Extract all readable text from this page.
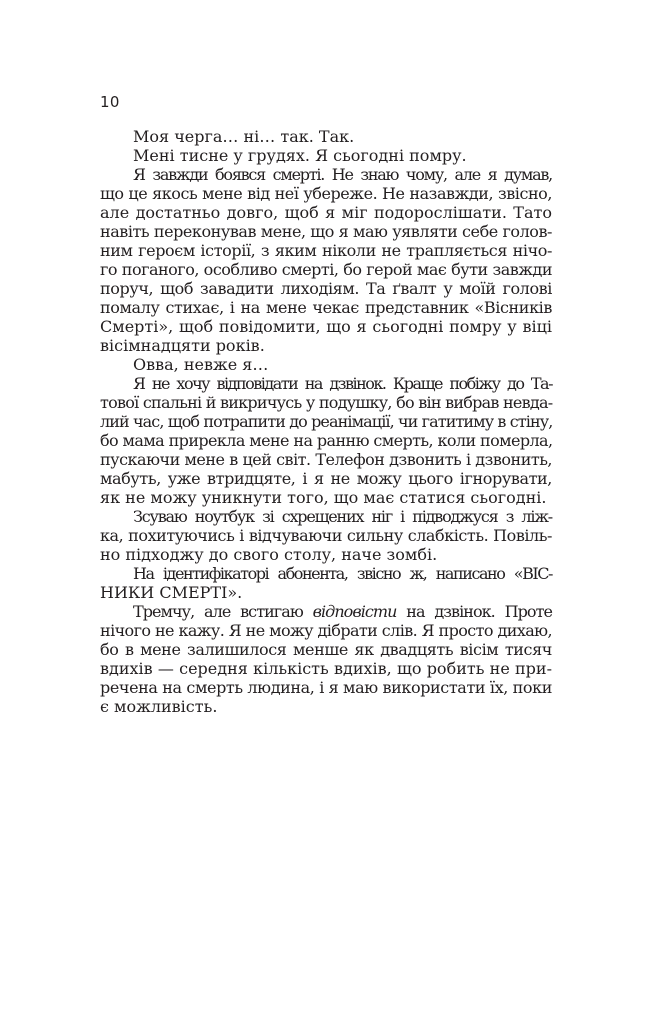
10
Моя черга… ні… так. Так.
Мені тисне у грудях. Я сьогодні помру.
Я завжди боявся смерті. Не знаю чому, але я думав,
що це якось мене від неї убереже. Не назавжди, звісно,
але достатньо довго, щоб я міг подорослішати. Тато
навіть переконував мене, що я маю уявляти себе голов-
ним героєм історії, з яким ніколи не трапляється нічо-
го поганого, особливо смерті, бо герой має бути завжди
поруч, щоб завадити лиходіям. Та ґвалт у моїй голові
помалу стихає, і на мене чекає представник «Вісників
Смерті», щоб повідомити, що я сьогодні помру у віці
вісімнадцяти років.
Овва, невже я…
Я не хочу відповідати на дзвінок. Краще побіжу до Та-
тової спальні й викричусь у подушку, бо він вибрав невда-
лий час, щоб потрапити до реанімації, чи гатитиму в стіну,
бо мама прирекла мене на ранню смерть, коли померла,
пускаючи мене в цей світ. Телефон дзвонить і дзвонить,
мабуть, уже втридцяте, і я не можу цього ігнорувати,
як не можу уникнути того, що має статися сьогодні.
Зсуваю ноутбук зі схрещених ніг і підводжуся з ліж-
ка, похитуючись і відчуваючи сильну слабкість. Повіль-
но підходжу до свого столу, наче зомбі.
На ідентифікаторі абонента, звісно ж, написано «ВІС-
НИКИ СМЕРТІ».
Тремчу, але встигаю відповісти на дзвінок. Проте
нічого не кажу. Я не можу дібрати слів. Я просто дихаю,
бо в мене залишилося менше як двадцять вісім тисяч
вдихів — середня кількість вдихів, що робить не при-
речена на смерть людина, і я маю використати їх, поки
є можливість.
